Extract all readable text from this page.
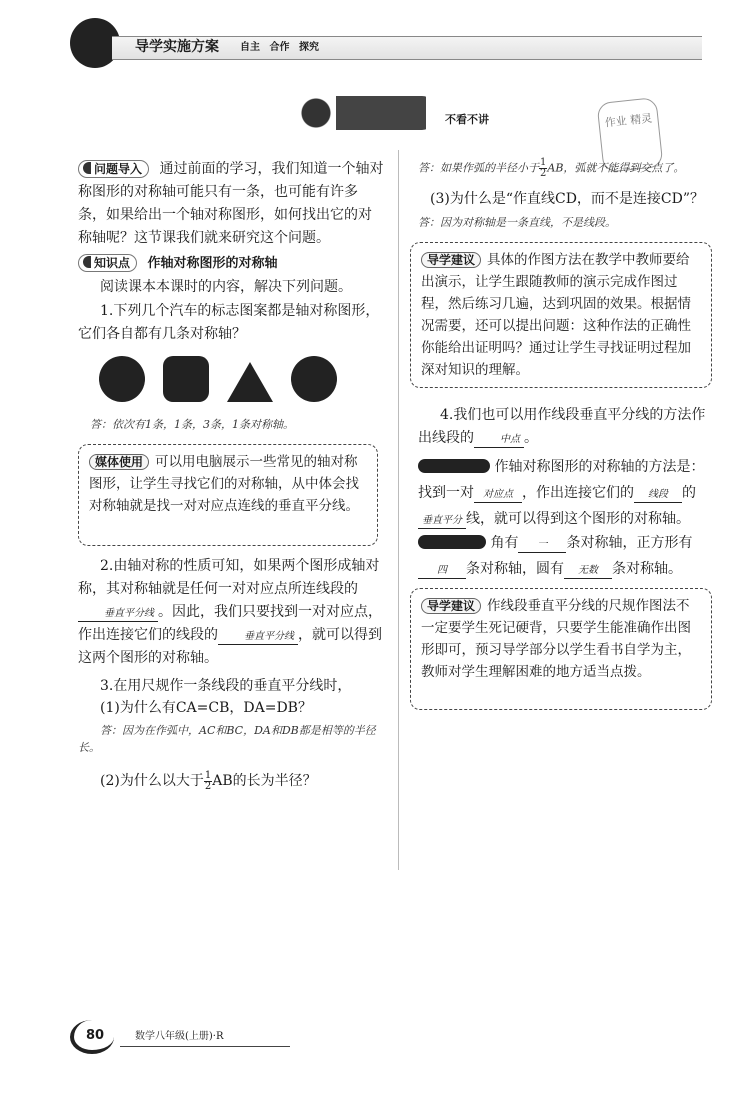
导学实施方案 自主 合作 探究
不看不讲	作业 精灵
问题导入 通过前面的学习，我们知道一个轴对称图形的对称轴可能只有一条，也可能有许多条，如果给出一个轴对称图形，如何找出它的对称轴呢？这节课我们就来研究这个问题。
知识点 作轴对称图形的对称轴
阅读课本本课时的内容，解决下列问题。
1.下列几个汽车的标志图案都是轴对称图形，它们各自都有几条对称轴？
答：依次有1条，1条，3条，1条对称轴。
媒体使用 可以用电脑展示一些常见的轴对称图形，让学生寻找它们的对称轴，从中体会找对称轴就是找一对对应点连线的垂直平分线。
2.由轴对称的性质可知，如果两个图形成轴对称，其对称轴就是任何一对对应点所连线段的垂直平分线 。因此，我们只要找到一对对应点，作出连接它们的线段的	垂直平分线 ，就可以得到这两个图形的对称轴。
3.在用尺规作一条线段的垂直平分线时，
(1)为什么有CA=CB，DA=DB？
答：因为在作弧中，AC和BC，DA和DB都是相等的半径长。
(2)为什么以大于 $\frac{1}{2}$ AB的长为半径？
答：如果作弧的半径小于 $\frac{1}{2}$ AB，弧就不能得到交点了。
(3)为什么是“作直线CD，而不是连接CD”？
答：因为对称轴是一条直线，不是线段。
导学建议 具体的作图方法在教学中教师要给出演示，让学生跟随教师的演示完成作图过程，然后练习几遍，达到巩固的效果。根据情况需要，还可以提出问题：这种作法的正确性你能给出证明吗？通过让学生寻找证明过程加深对知识的理解。
4.我们也可以用作线段垂直平分线的方法作出线段的	中点 。
作轴对称图形的对称轴的方法是：找到一对 对应点 ，作出连接它们的 线段 的垂直平分 线，就可以得到这个图形的对称轴。
角有 一 条对称轴，正方形有四 条对称轴，圆有 无数 条对称轴。
导学建议 作线段垂直平分线的尺规作图法不一定要学生死记硬背，只要学生能准确作出图形即可，预习导学部分以学生看书自学为主，教师对学生理解困难的地方适当点拨。
80	数学八年级(上册)·R
